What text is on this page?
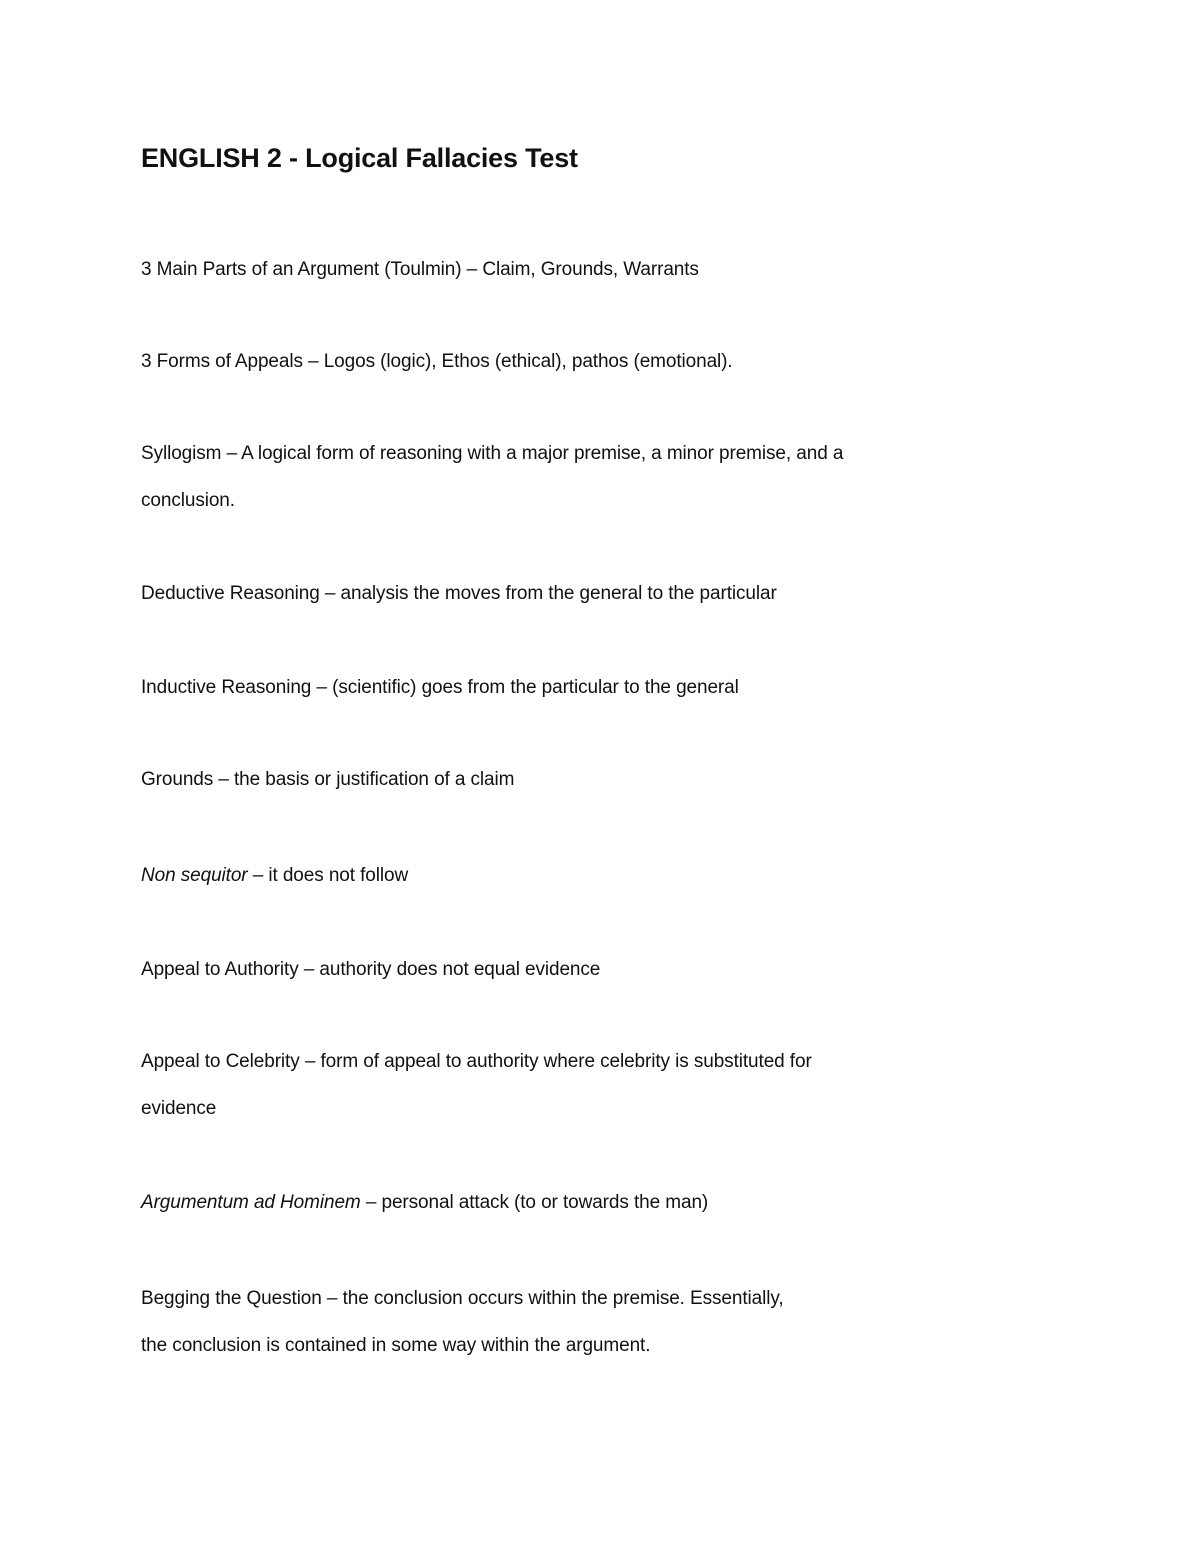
ENGLISH 2 - Logical Fallacies Test

3 Main Parts of an Argument (Toulmin) – Claim, Grounds, Warrants

3 Forms of Appeals – Logos (logic), Ethos (ethical), pathos (emotional).

Syllogism – A logical form of reasoning with a major premise, a minor premise, and a
conclusion.

Deductive Reasoning – analysis the moves from the general to the particular

Inductive Reasoning – (scientific) goes from the particular to the general

Grounds – the basis or justification of a claim

Non sequitor – it does not follow

Appeal to Authority – authority does not equal evidence

Appeal to Celebrity – form of appeal to authority where celebrity is substituted for
evidence

Argumentum ad Hominem – personal attack (to or towards the man)

Begging the Question – the conclusion occurs within the premise. Essentially,
the conclusion is contained in some way within the argument.
